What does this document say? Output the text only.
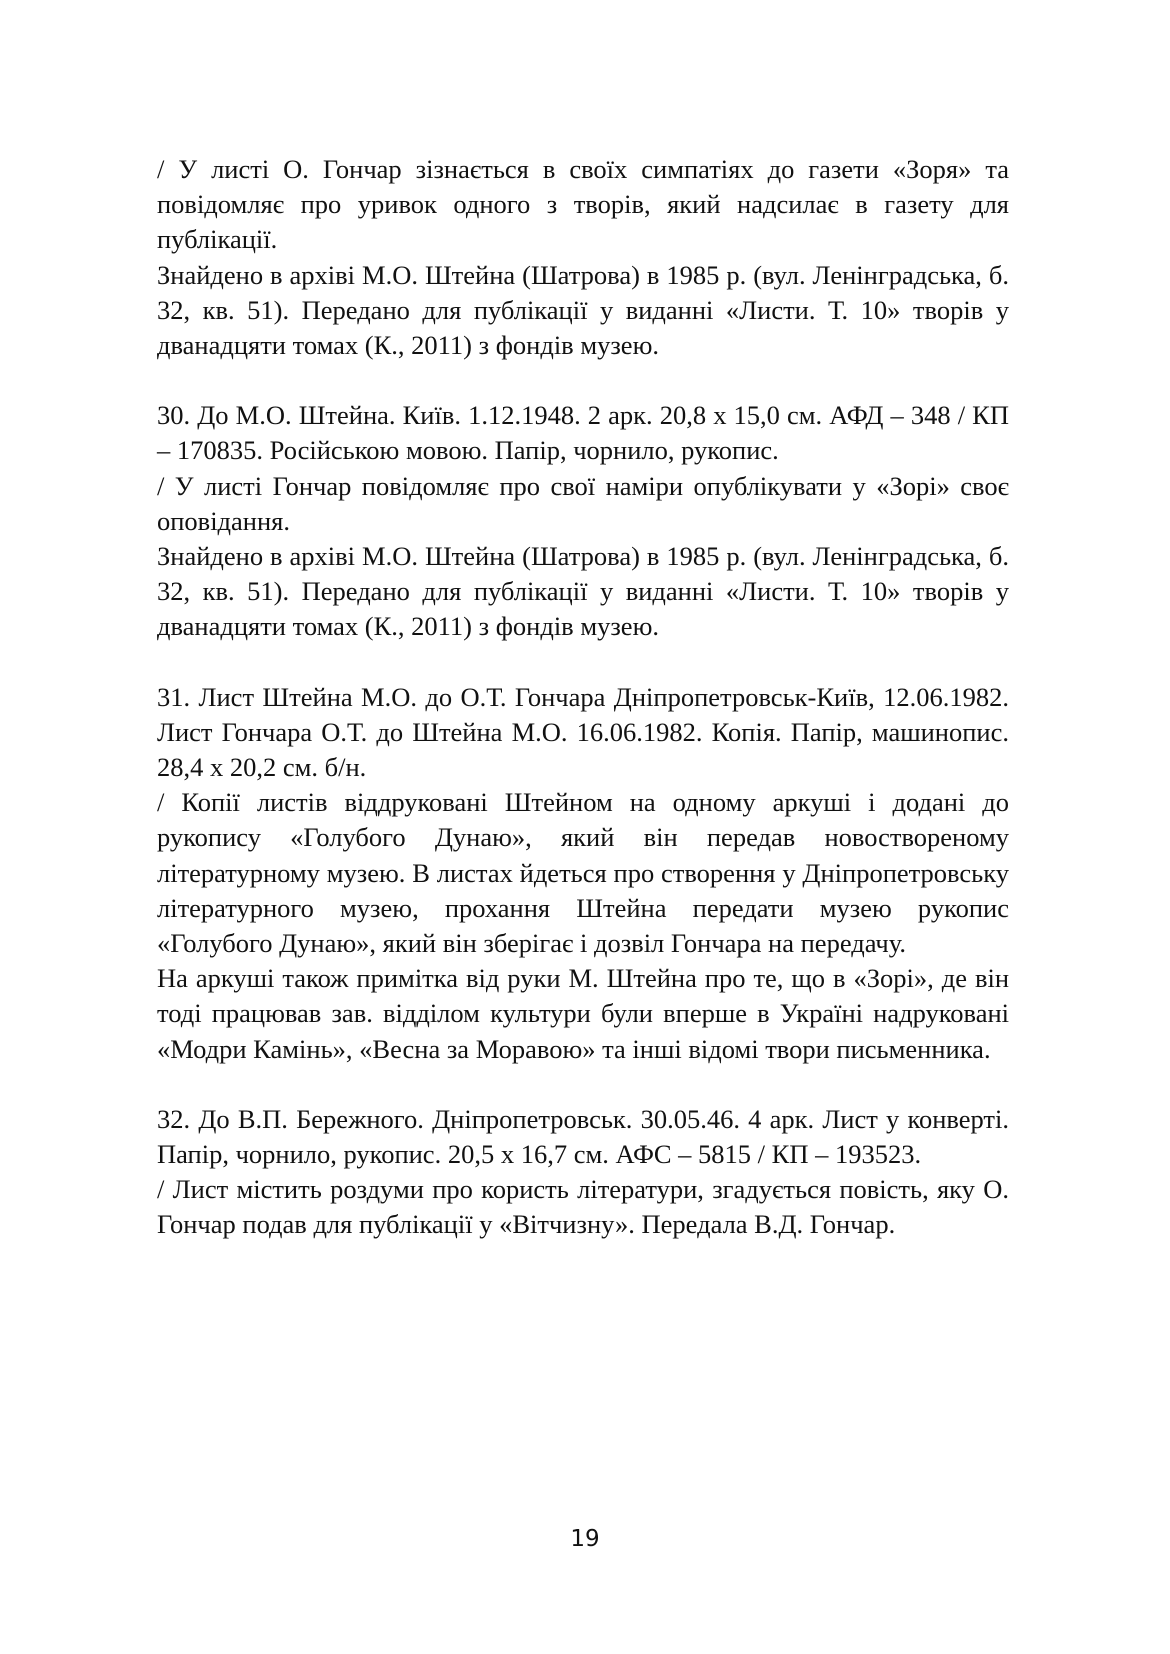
/ У листі О. Гончар зізнається в своїх симпатіях до газети «Зоря» та повідомляє про уривок одного з творів, який надсилає в газету для публікації.

Знайдено в архіві М.О. Штейна (Шатрова) в 1985 р. (вул. Ленінградська, б. 32, кв. 51). Передано для публікації у виданні «Листи. Т. 10» творів у дванадцяти томах (К., 2011) з фондів музею.

30. До М.О. Штейна. Київ. 1.12.1948. 2 арк. 20,8 х 15,0 см. АФД – 348 / КП – 170835. Російською мовою. Папір, чорнило, рукопис.

/ У листі Гончар повідомляє про свої наміри опублікувати у «Зорі» своє оповідання.

Знайдено в архіві М.О. Штейна (Шатрова) в 1985 р. (вул. Ленінградська, б. 32, кв. 51). Передано для публікації у виданні «Листи. Т. 10» творів у дванадцяти томах (К., 2011) з фондів музею.

31. Лист Штейна М.О. до О.Т. Гончара Дніпропетровськ-Київ, 12.06.1982. Лист Гончара О.Т. до Штейна М.О. 16.06.1982. Копія. Папір, машинопис. 28,4 х 20,2 см. б/н.

/ Копії листів віддруковані Штейном на одному аркуші і додані до рукопису «Голубого Дунаю», який він передав новоствореному літературному музею. В листах йдеться про створення у Дніпропетровську літературного музею, прохання Штейна передати музею рукопис «Голубого Дунаю», який він зберігає і дозвіл Гончара на передачу.

На аркуші також примітка від руки М. Штейна про те, що в «Зорі», де він тоді працював зав. відділом культури були вперше в Україні надруковані «Модри Камінь», «Весна за Моравою» та інші відомі твори письменника.

32. До В.П. Бережного. Дніпропетровськ. 30.05.46. 4 арк. Лист у конверті. Папір, чорнило, рукопис. 20,5 х 16,7 см. АФС – 5815 / КП – 193523.

/ Лист містить роздуми про користь літератури, згадується повість, яку О. Гончар подав для публікації у «Вітчизну». Передала В.Д. Гончар.

19
